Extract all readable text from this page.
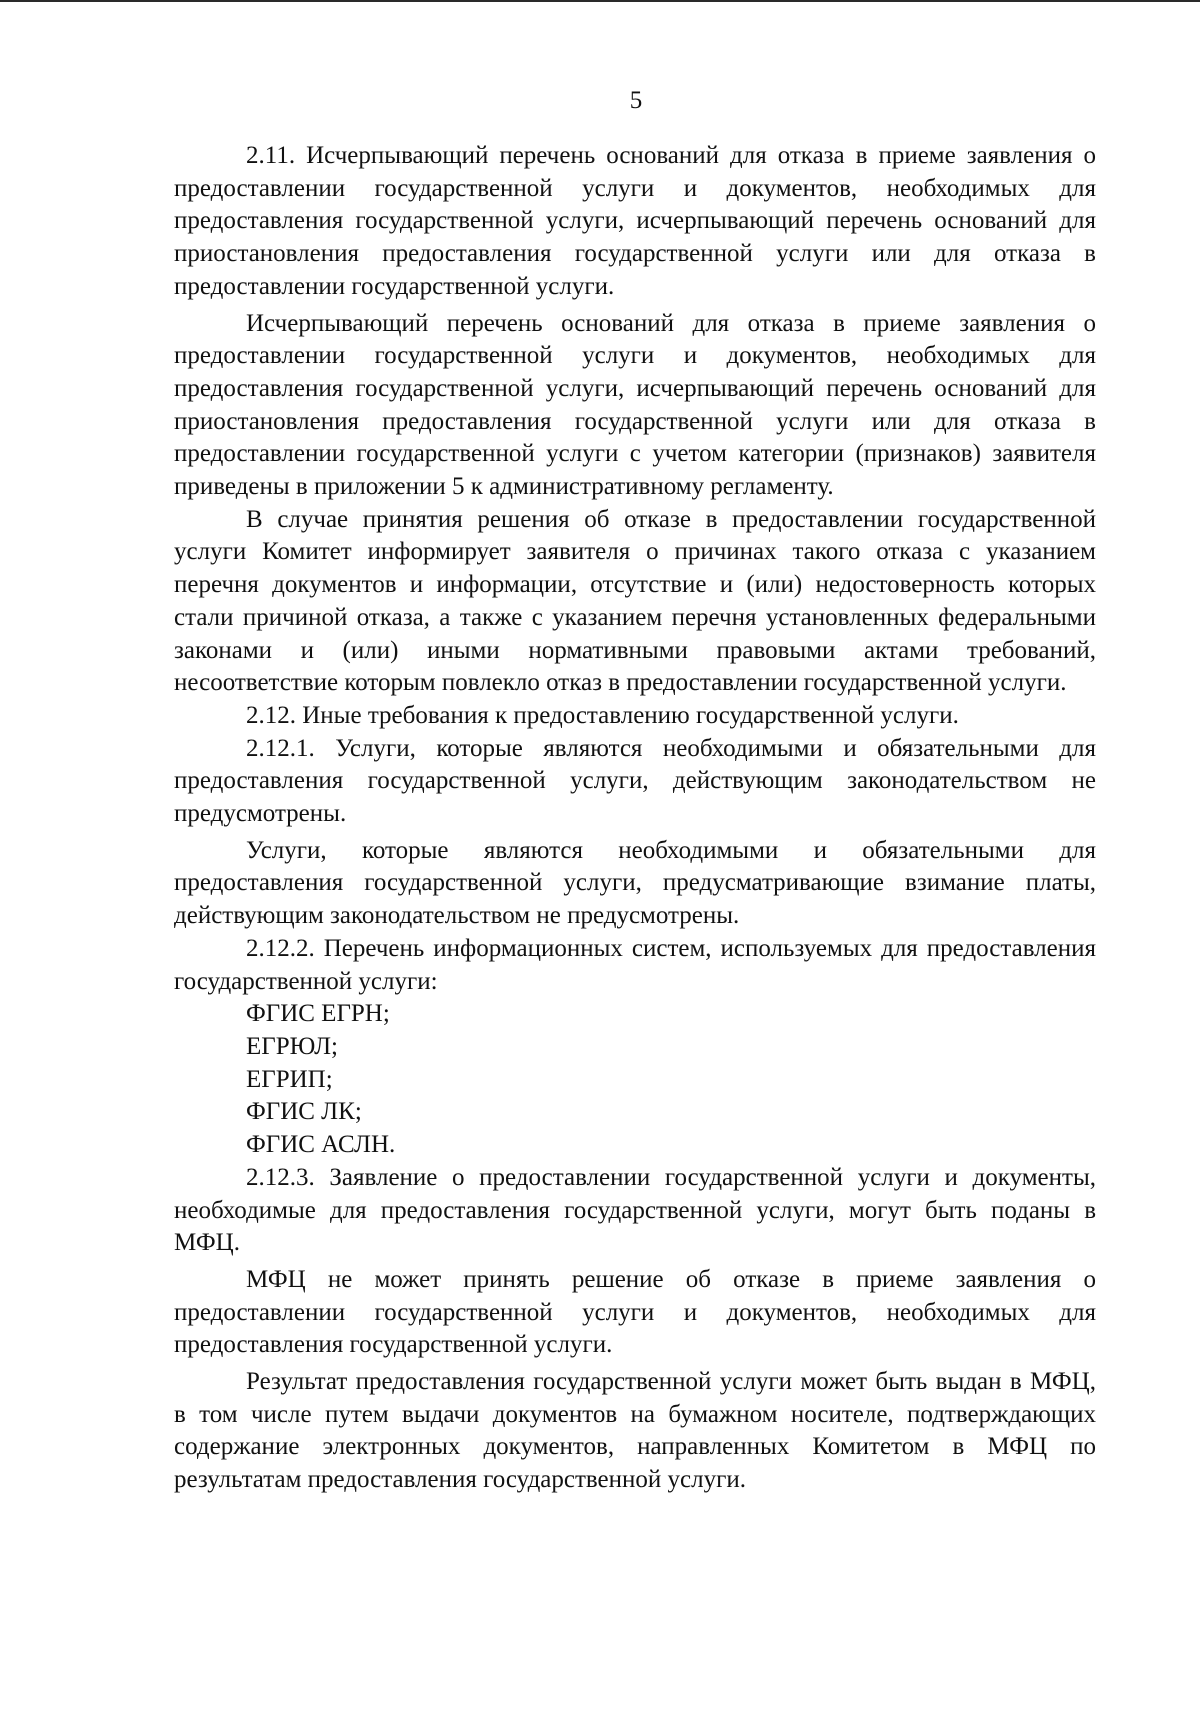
5

2.11. Исчерпывающий перечень оснований для отказа в приеме заявления о предоставлении государственной услуги и документов, необходимых для предоставления государственной услуги, исчерпывающий перечень оснований для приостановления предоставления государственной услуги или для отказа в предоставлении государственной услуги.

Исчерпывающий перечень оснований для отказа в приеме заявления о предоставлении государственной услуги и документов, необходимых для предоставления государственной услуги, исчерпывающий перечень оснований для приостановления предоставления государственной услуги или для отказа в предоставлении государственной услуги с учетом категории (признаков) заявителя приведены в приложении 5 к административному регламенту.

В случае принятия решения об отказе в предоставлении государственной услуги Комитет информирует заявителя о причинах такого отказа с указанием перечня документов и информации, отсутствие и (или) недостоверность которых стали причиной отказа, а также с указанием перечня установленных федеральными законами и (или) иными нормативными правовыми актами требований, несоответствие которым повлекло отказ в предоставлении государственной услуги.

2.12. Иные требования к предоставлению государственной услуги.

2.12.1. Услуги, которые являются необходимыми и обязательными для предоставления государственной услуги, действующим законодательством не предусмотрены.

Услуги, которые являются необходимыми и обязательными для предоставления государственной услуги, предусматривающие взимание платы, действующим законодательством не предусмотрены.

2.12.2. Перечень информационных систем, используемых для предоставления государственной услуги:

ФГИС ЕГРН;

ЕГРЮЛ;

ЕГРИП;

ФГИС ЛК;

ФГИС АСЛН.

2.12.3. Заявление о предоставлении государственной услуги и документы, необходимые для предоставления государственной услуги, могут быть поданы в МФЦ.

МФЦ не может принять решение об отказе в приеме заявления о предоставлении государственной услуги и документов, необходимых для предоставления государственной услуги.

Результат предоставления государственной услуги может быть выдан в МФЦ, в том числе путем выдачи документов на бумажном носителе, подтверждающих содержание электронных документов, направленных Комитетом в МФЦ по результатам предоставления государственной услуги.
